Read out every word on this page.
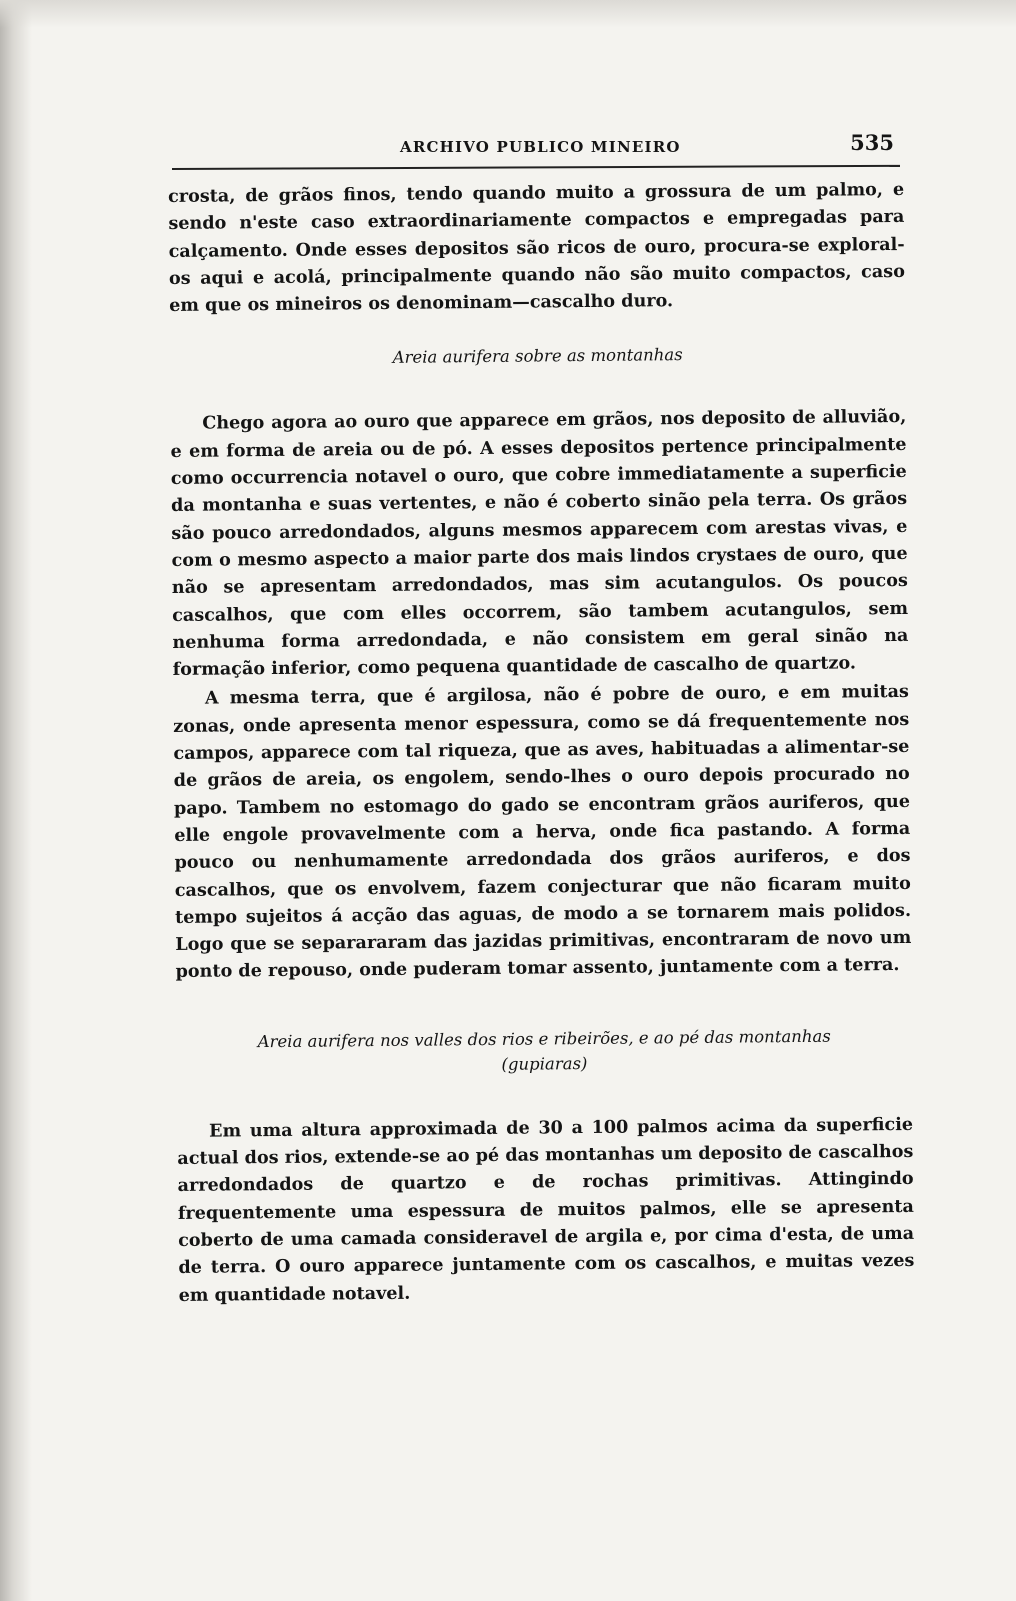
ARCHIVO PUBLICO MINEIRO	535

crosta, de grãos finos, tendo quando muito a grossura de um palmo, e sendo n'este caso extraordinariamente compactos e empregadas para calçamento. Onde esses depositos são ricos de ouro, procura-se exploral-os aqui e acolá, principalmente quando não são muito compactos, caso em que os mineiros os denominam—cascalho duro.

Areia aurifera sobre as montanhas

Chego agora ao ouro que apparece em grãos, nos deposito de alluvião, e em forma de areia ou de pó. A esses depositos pertence principalmente como occurrencia notavel o ouro, que cobre immediatamente a superficie da montanha e suas vertentes, e não é coberto sinão pela terra. Os grãos são pouco arredondados, alguns mesmos apparecem com arestas vivas, e com o mesmo aspecto a maior parte dos mais lindos crystaes de ouro, que não se apresentam arredondados, mas sim acutangulos. Os poucos cascalhos, que com elles occorrem, são tambem acutangulos, sem nenhuma forma arredondada, e não consistem em geral sinão na formação inferior, como pequena quantidade de cascalho de quartzo.

A mesma terra, que é argilosa, não é pobre de ouro, e em muitas zonas, onde apresenta menor espessura, como se dá frequentemente nos campos, apparece com tal riqueza, que as aves, habituadas a alimentar-se de grãos de areia, os engolem, sendo-lhes o ouro depois procurado no papo. Tambem no estomago do gado se encontram grãos auriferos, que elle engole provavelmente com a herva, onde fica pastando. A forma pouco ou nenhumamente arredondada dos grãos auriferos, e dos cascalhos, que os envolvem, fazem conjecturar que não ficaram muito tempo sujeitos á acção das aguas, de modo a se tornarem mais polidos. Logo que se separararam das jazidas primitivas, encontraram de novo um ponto de repouso, onde puderam tomar assento, juntamente com a terra.

Areia aurifera nos valles dos rios e ribeirões, e ao pé das montanhas
(gupiaras)

Em uma altura approximada de 30 a 100 palmos acima da superficie actual dos rios, extende-se ao pé das montanhas um deposito de cascalhos arredondados de quartzo e de rochas primitivas. Attingindo frequentemente uma espessura de muitos palmos, elle se apresenta coberto de uma camada consideravel de argila e, por cima d'esta, de uma de terra. O ouro apparece juntamente com os cascalhos, e muitas vezes em quantidade notavel.
